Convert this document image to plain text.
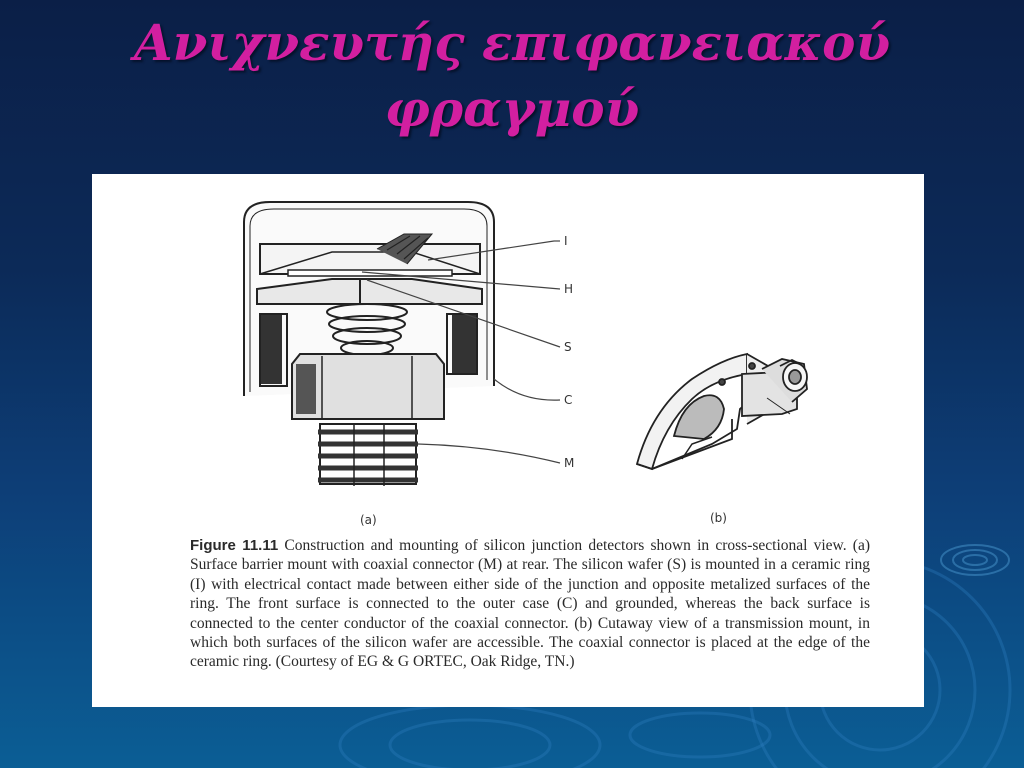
Ανιχνευτής επιφανειακού
φραγμού
I
H
S
C
M
(a)	(b)
Figure 11.11 Construction and mounting of silicon junction detectors shown in cross-sectional view. (a) Surface barrier mount with coaxial connector (M) at rear. The silicon wafer (S) is mounted in a ceramic ring (I) with electrical contact made between either side of the junction and opposite metalized surfaces of the ring. The front surface is connected to the outer case (C) and grounded, whereas the back surface is connected to the center conductor of the coaxial connector. (b) Cutaway view of a transmission mount, in which both surfaces of the silicon wafer are accessible. The coaxial connector is placed at the edge of the ceramic ring. (Courtesy of EG & G ORTEC, Oak Ridge, TN.)
